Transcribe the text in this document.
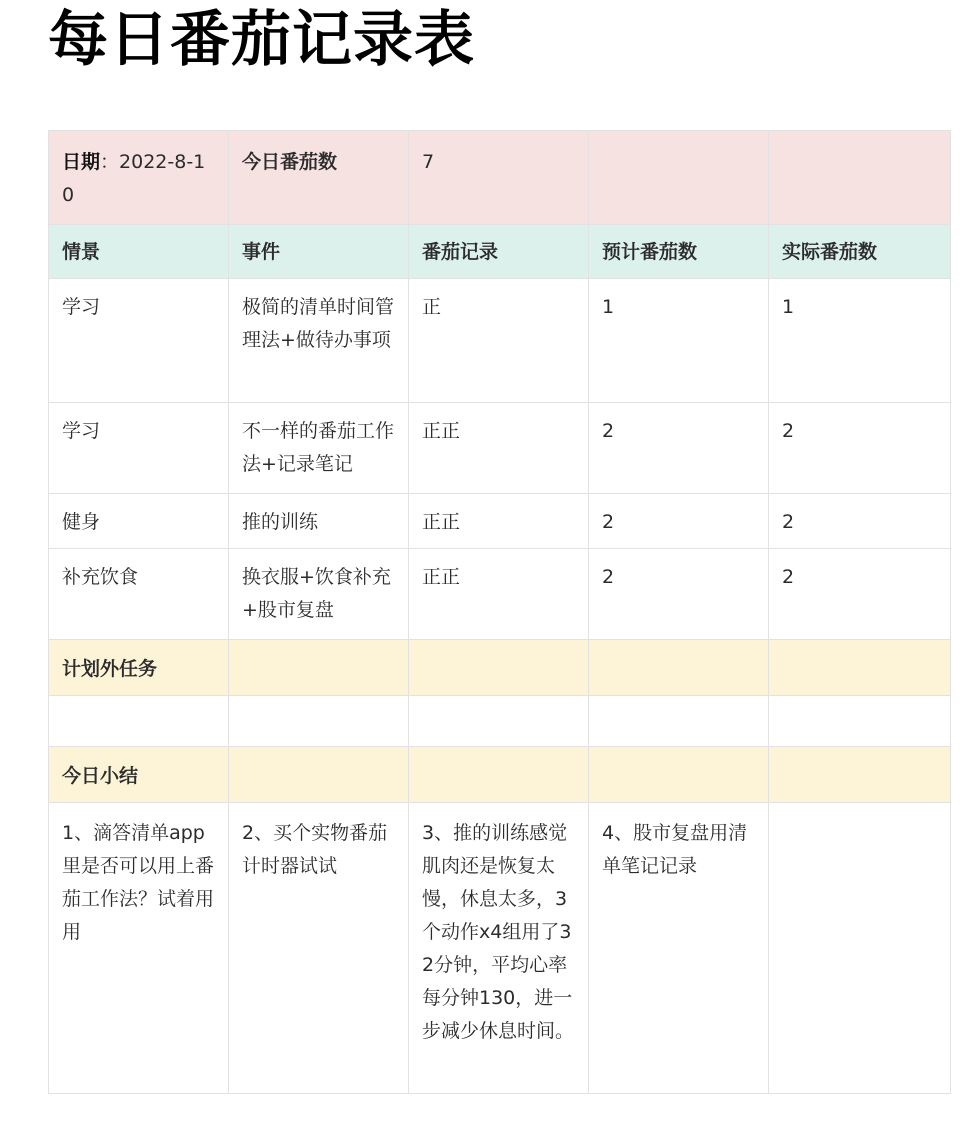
每日番茄记录表
日期：2022-8-10	今日番茄数	7		
情景	事件	番茄记录	预计番茄数	实际番茄数
学习	极简的清单时间管理法+做待办事项	正	1	1
学习	不一样的番茄工作法+记录笔记	正正	2	2
健身	推的训练	正正	2	2
补充饮食	换衣服+饮食补充+股市复盘	正正	2	2
计划外任务				

今日小结				
1、滴答清单app里是否可以用上番茄工作法？试着用用	2、买个实物番茄计时器试试	3、推的训练感觉肌肉还是恢复太慢，休息太多，3个动作x4组用了32分钟，平均心率每分钟130，进一步减少休息时间。	4、股市复盘用清单笔记记录	
